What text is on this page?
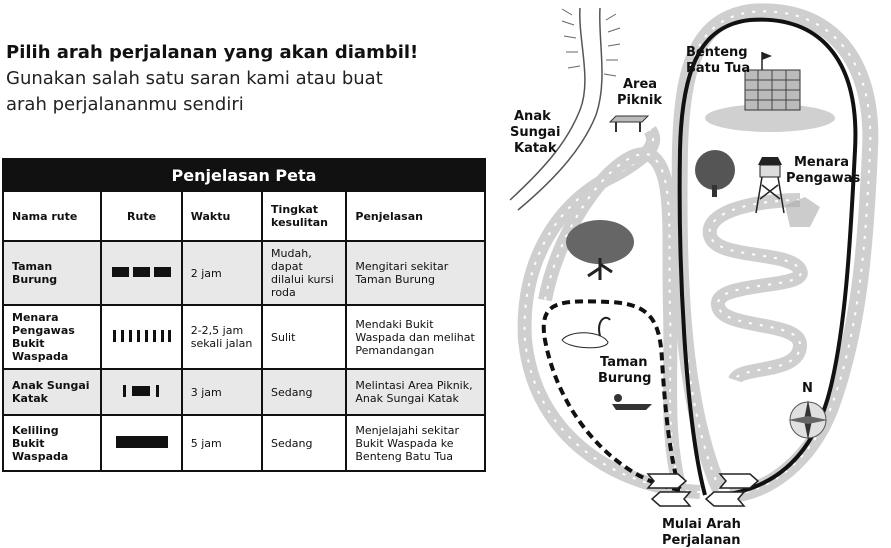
Pilih arah perjalanan yang akan diambil!

Gunakan salah satu saran kami atau buat

arah perjalananmu sendiri

Penjelasan Peta				
Nama rute	Rute	Waktu	Tingkat kesulitan	Penjelasan
Taman Burung		2 jam	Mudah, dapat dilalui kursi roda	Mengitari sekitar Taman Burung
Menara Pengawas Bukit Waspada		2-2,5 jam sekali jalan	Sulit	Mendaki Bukit Waspada dan melihat Pemandangan
Anak Sungai Katak		3 jam	Sedang	Melintasi Area Piknik, Anak Sungai Katak
Keliling Bukit Waspada		5 jam	Sedang	Menjelajahi sekitar Bukit Waspada ke Benteng Batu Tua
Benteng
Batu Tua
Area
Piknik
Anak
Sungai
Katak
Menara
Pengawas
Taman
Burung
N
Mulai Arah
Perjalanan
